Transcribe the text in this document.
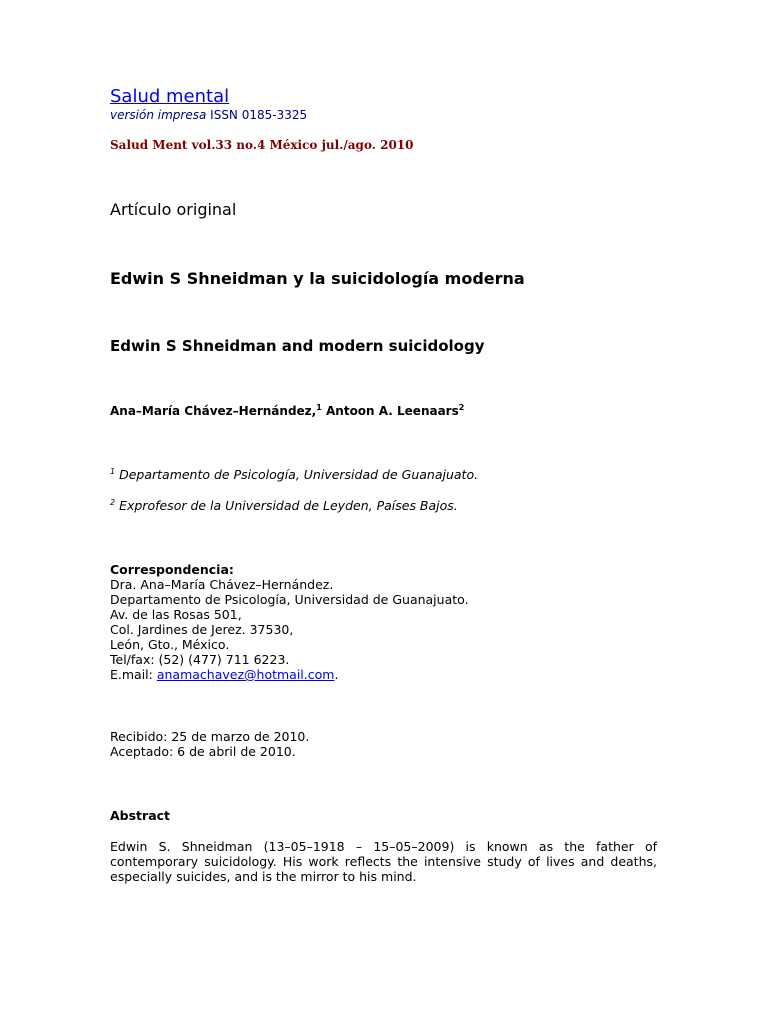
Salud mental
versión impresa ISSN 0185-3325
Salud Ment vol.33 no.4 México jul./ago. 2010
Artículo original
Edwin S Shneidman y la suicidología moderna
Edwin S Shneidman and modern suicidology
Ana–María Chávez–Hernández,$^1$ Antoon A. Leenaars$^2$
$^1$ Departamento de Psicología, Universidad de Guanajuato.
$^2$ Exprofesor de la Universidad de Leyden, Países Bajos.
Correspondencia:
Dra. Ana–María Chávez–Hernández.
Departamento de Psicología, Universidad de Guanajuato.
Av. de las Rosas 501,
Col. Jardines de Jerez. 37530,
León, Gto., México.
Tel/fax: (52) (477) 711 6223.
E.mail: anamachavez@hotmail.com.
Recibido: 25 de marzo de 2010.
Aceptado: 6 de abril de 2010.
Abstract
Edwin S. Shneidman (13–05–1918 – 15–05–2009) is known as the father of contemporary suicidology. His work reflects the intensive study of lives and deaths, especially suicides, and is the mirror to his mind.
